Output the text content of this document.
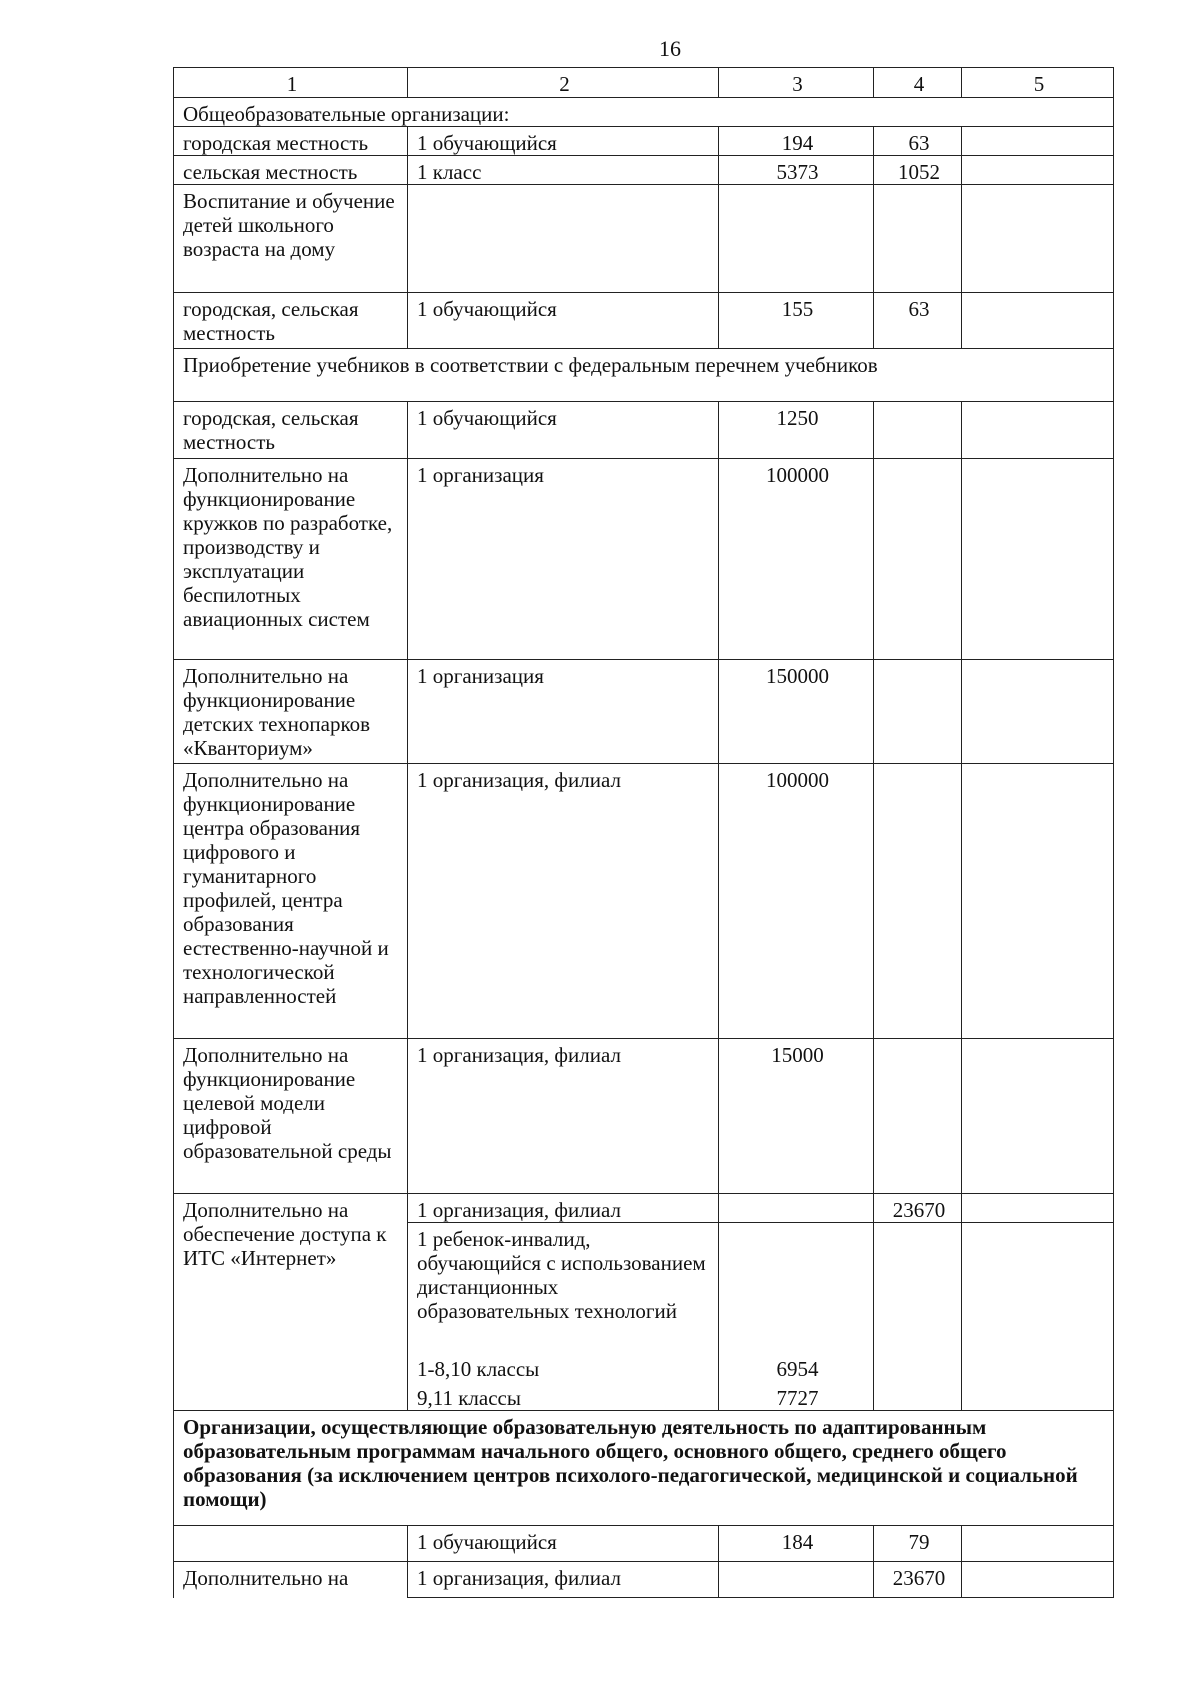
16
1	2	3	4	5
Общеобразовательные организации:				
городская местность	1 обучающийся	194	63	
сельская местность	1 класс	5373	1052	
Воспитание и обучение детей школьного возраста на дому				
городская, сельская местность	1 обучающийся	155	63	
Приобретение учебников в соответствии с федеральным перечнем учебников				
городская, сельская местность	1 обучающийся	1250		
Дополнительно на функционирование кружков по разработке, производству и эксплуатации беспилотных авиационных систем	1 организация	100000		
Дополнительно на функционирование детских технопарков «Кванториум»	1 организация	150000		
Дополнительно на функционирование центра образования цифрового и гуманитарного профилей, центра образования естественно-научной и технологической направленностей	1 организация, филиал	100000		
Дополнительно на функционирование целевой модели цифровой образовательной среды	1 организация, филиал	15000		
Дополнительно на обеспечение доступа к ИТС «Интернет»	1 организация, филиал		23670	
	1 ребенок-инвалид, обучающийся с использованием дистанционных образовательных технологий			
	1-8,10 классы	6954		
	9,11 классы	7727		
Организации, осуществляющие образовательную деятельность по адаптированным образовательным программам начального общего, основного общего, среднего общего образования (за исключением центров психолого-педагогической, медицинской и социальной помощи)				
	1 обучающийся	184	79	
Дополнительно на	1 организация, филиал		23670	
